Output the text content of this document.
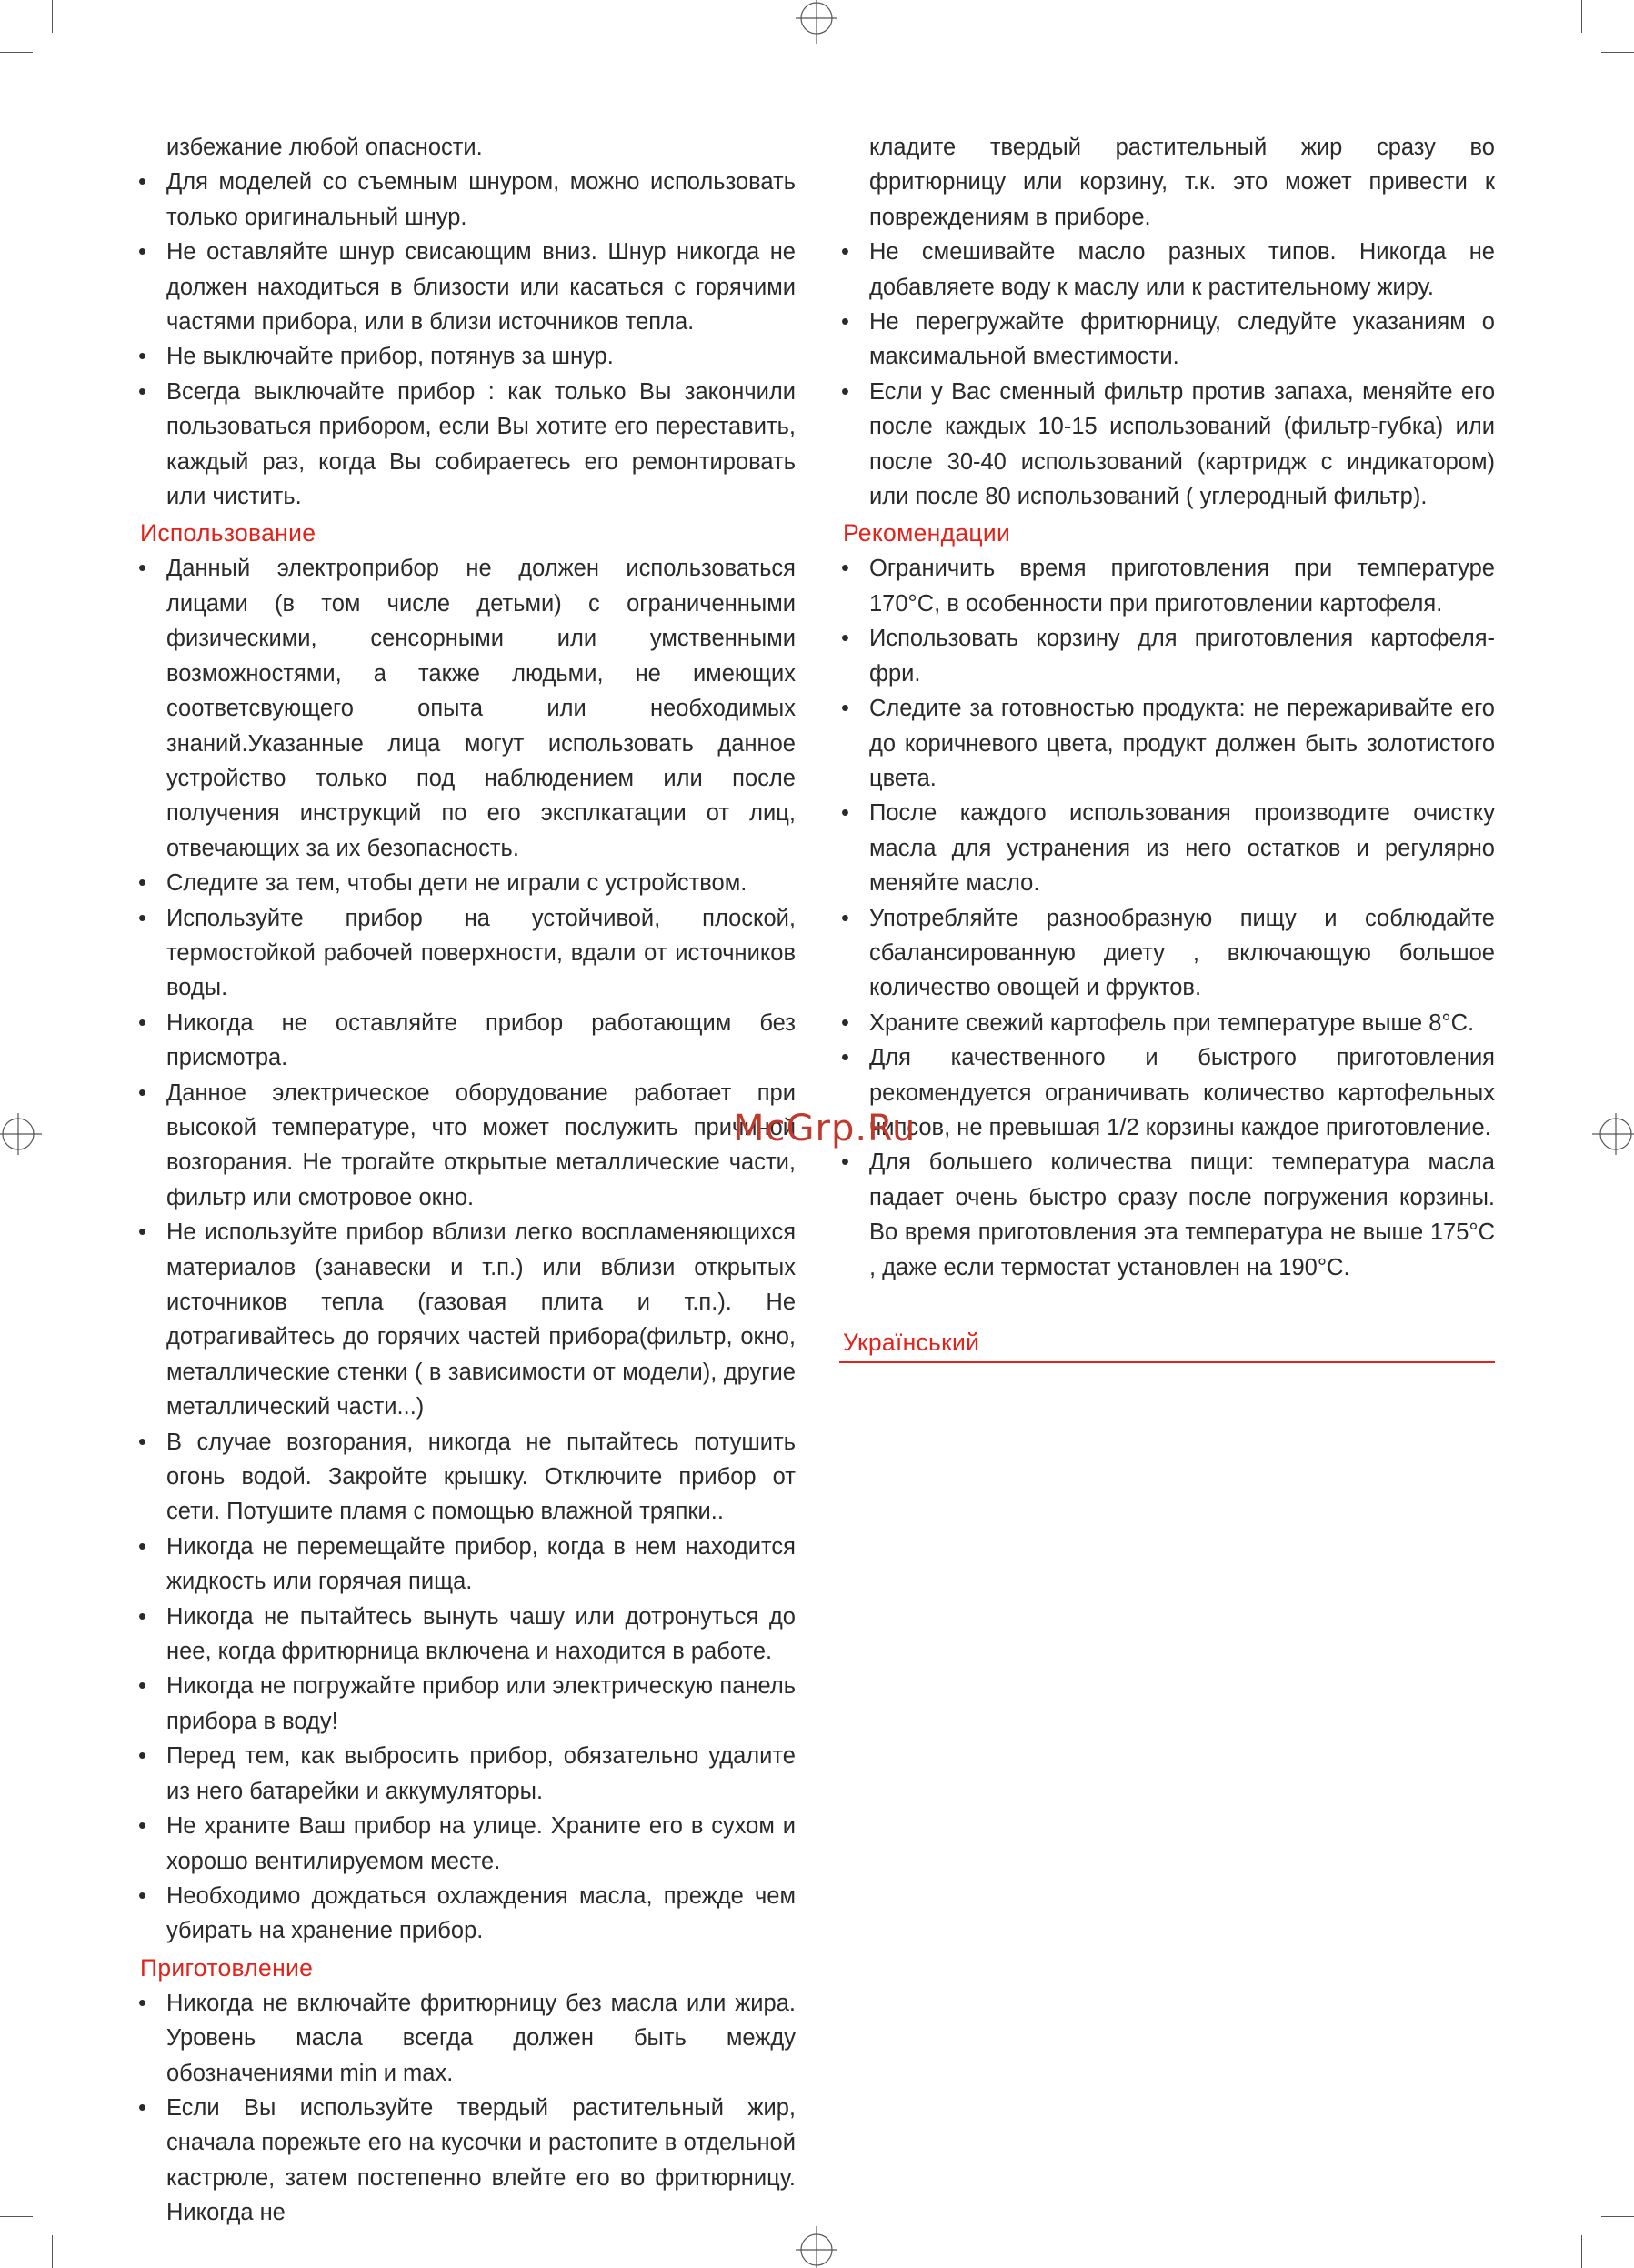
избежание любой опасности.
• Для моделей со съемным шнуром, можно использовать только оригинальный шнур.
• Не оставляйте шнур свисающим вниз. Шнур никогда не должен находиться в близости или касаться с горячими частями прибора, или в близи источников тепла.
• Не выключайте прибор, потянув за шнур.
• Всегда выключайте прибор : как только Вы закончили пользоваться прибором, если Вы хотите его переставить, каждый раз, когда Вы собираетесь его ремонтировать или чистить.
Использование
• Данный электроприбор не должен использоваться лицами (в том числе детьми) с ограниченными физическими, сенсорными или умственными возможностями, а также людьми, не имеющих соответсвующего опыта или необходимых знаний.Указанные лица могут использовать данное устройство только под наблюдением или после получения инструкций по его эксплкатации от лиц, отвечающих за их безопасность.
• Следите за тем, чтобы дети не играли с устройством.
• Используйте прибор на устойчивой, плоской, термостойкой рабочей поверхности, вдали от источников воды.
• Никогда не оставляйте прибор работающим без присмотра.
• Данное электрическое оборудование работает при высокой температуре, что может послужить причиной возгорания. Не трогайте открытые металлические части, фильтр или смотровое окно.
• Не используйте прибор вблизи легко воспламеняющихся материалов (занавески и т.п.) или вблизи открытых источников тепла (газовая плита и т.п.). Не дотрагивайтесь до горячих частей прибора(фильтр, окно, металлические стенки ( в зависимости от модели), другие металлический части...)
• В случае возгорания, никогда не пытайтесь потушить огонь водой. Закройте крышку. Отключите прибор от сети. Потушите пламя с помощью влажной тряпки..
• Никогда не перемещайте прибор, когда в нем находится жидкость или горячая пища.
• Никогда не пытайтесь вынуть чашу или дотронуться до нее, когда фритюрница включена и находится в работе.
• Никогда не погружайте прибор или электрическую панель прибора в воду!
• Перед тем, как выбросить прибор, обязательно удалите из него батарейки и аккумуляторы.
• Не храните Ваш прибор на улице. Храните его в сухом и хорошо вентилируемом месте.
• Необходимо дождаться охлаждения масла, прежде чем убирать на хранение прибор.
Приготовление
• Никогда не включайте фритюрницу без масла или жира. Уровень масла всегда должен быть между обозначениями min и max.
• Если Вы используйте твердый растительный жир, сначала порежьте его на кусочки и растопите в отдельной кастрюле, затем постепенно влейте его во фритюрницу. Никогда не
кладите твердый растительный жир сразу во фритюрницу или корзину, т.к. это может привести к повреждениям в приборе.
• Не смешивайте масло разных типов. Никогда не добавляете воду к маслу или к растительному жиру.
• Не перегружайте фритюрницу, следуйте указаниям о максимальной вместимости.
• Если у Вас сменный фильтр против запаха, меняйте его после каждых 10-15 использований (фильтр-губка) или после 30-40 использований (картридж с индикатором) или после 80 использований ( углеродный фильтр).
Рекомендации
• Ограничить время приготовления при температуре 170°С, в особенности при приготовлении картофеля.
• Использовать корзину для приготовления картофеля-фри.
• Следите за готовностью продукта: не пережаривайте его до коричневого цвета, продукт должен быть золотистого цвета.
• После каждого использования производите очистку масла для устранения из него остатков и регулярно меняйте масло.
• Употребляйте разнообразную пищу и соблюдайте сбалансированную диету , включающую большое количество овощей и фруктов.
• Храните свежий картофель при температуре выше 8°С.
• Для качественного и быстрого приготовления рекомендуется ограничивать количество картофельных чипсов, не превышая 1/2 корзины каждое приготовление.
• Для большего количества пищи: температура масла падает очень быстро сразу после погружения корзины. Во время приготовления эта температура не выше 175°С , даже если термостат установлен на 190°С.
Український
McGrp.Ru
